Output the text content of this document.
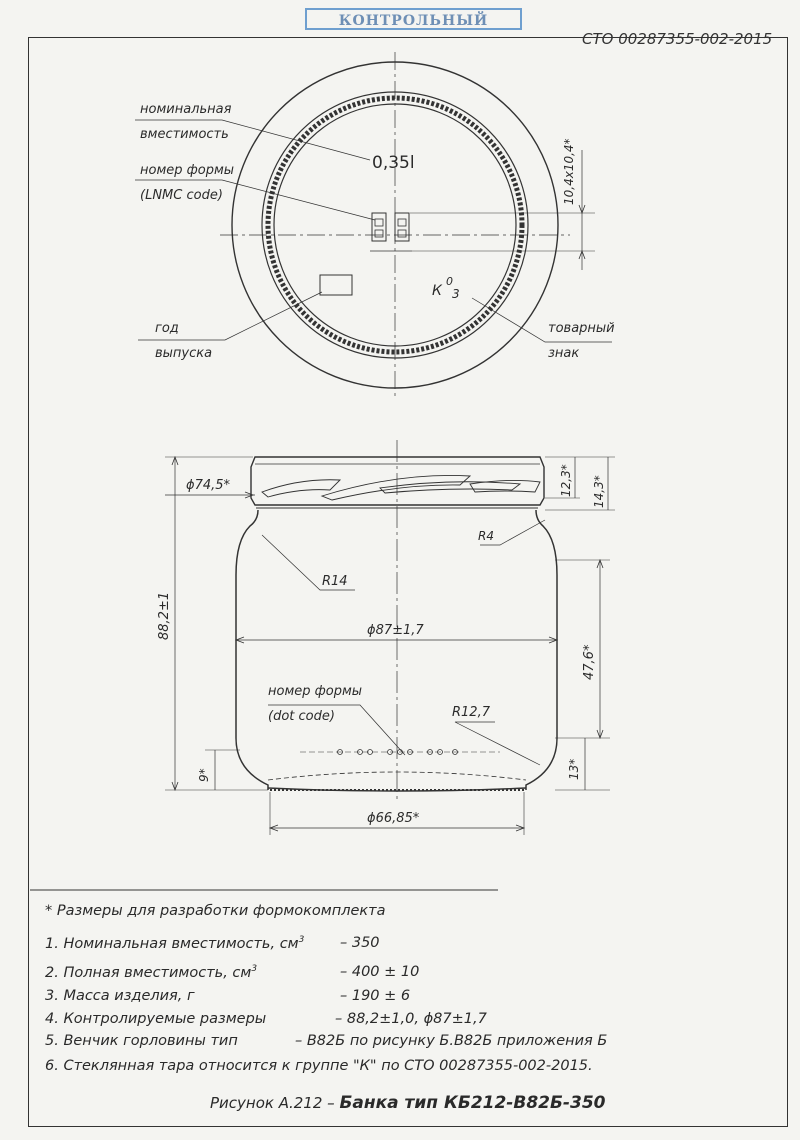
КОНТРОЛЬНЫЙ
СТО 00287355-002-2015
номинальная
вместимость
0,35l
номер формы
(LNMC code)	10,4х10,4*
К
0
3
год
выпуска
товарный
знак
ϕ74,5*	12,3* 14,3*
R4
R14
88,2±1	ϕ87±1,7
47,6*
номер формы
(dot code)	R12,7
9*	13*
ϕ66,85*
* Размеры для разработки формокомплекта
1. Номинальная вместимость, $см^3 - 350$
2. Полная вместимость, $см^3$	– 400 ± 10
3. Масса изделия, г	– 190 ± 6
4. Контролируемые размеры	– 88,2±1,0, ϕ87±1,7
5. Венчик горловины тип	– В82Б по рисунку Б.В82Б приложения Б
6. Стеклянная тара относится к группе "К" по СТО 00287355-002-2015.
Рисунок А.212 – Банка тип КБ212-В82Б-350
